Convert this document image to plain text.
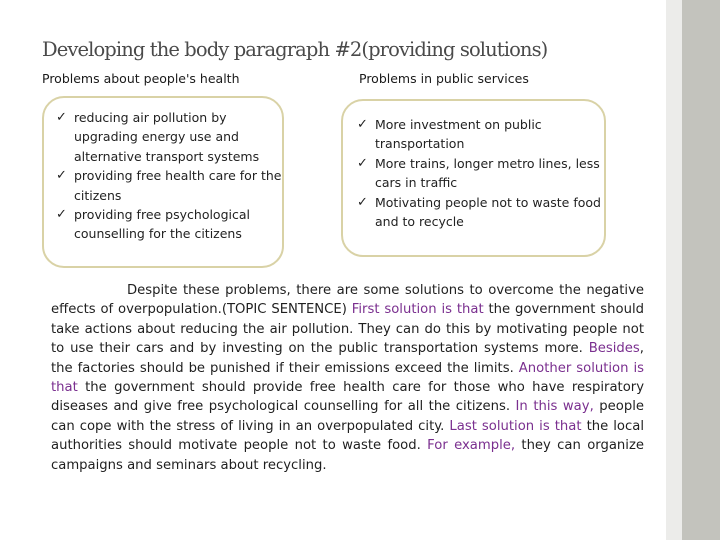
Developing the body paragraph #2(providing solutions)
Problems about people's health	Problems in public services
✓ reducing air pollution by upgrading energy use and alternative transport systems
✓ providing free health care for the citizens
✓ providing free psychological counselling for the citizens
✓ More investment on public transportation
✓ More trains, longer metro lines, less cars in traffic
✓ Motivating people not to waste food and to recycle

Despite these problems, there are some solutions to overcome the negative effects of overpopulation.(TOPIC SENTENCE) First solution is that the government should take actions about reducing the air pollution. They can do this by motivating people not to use their cars and by investing on the public transportation systems more. Besides, the factories should be punished if their emissions exceed the limits. Another solution is that the government should provide free health care for those who have respiratory diseases and give free psychological counselling for all the citizens. In this way, people can cope with the stress of living in an overpopulated city. Last solution is that the local authorities should motivate people not to waste food. For example, they can organize campaigns and seminars about recycling.
